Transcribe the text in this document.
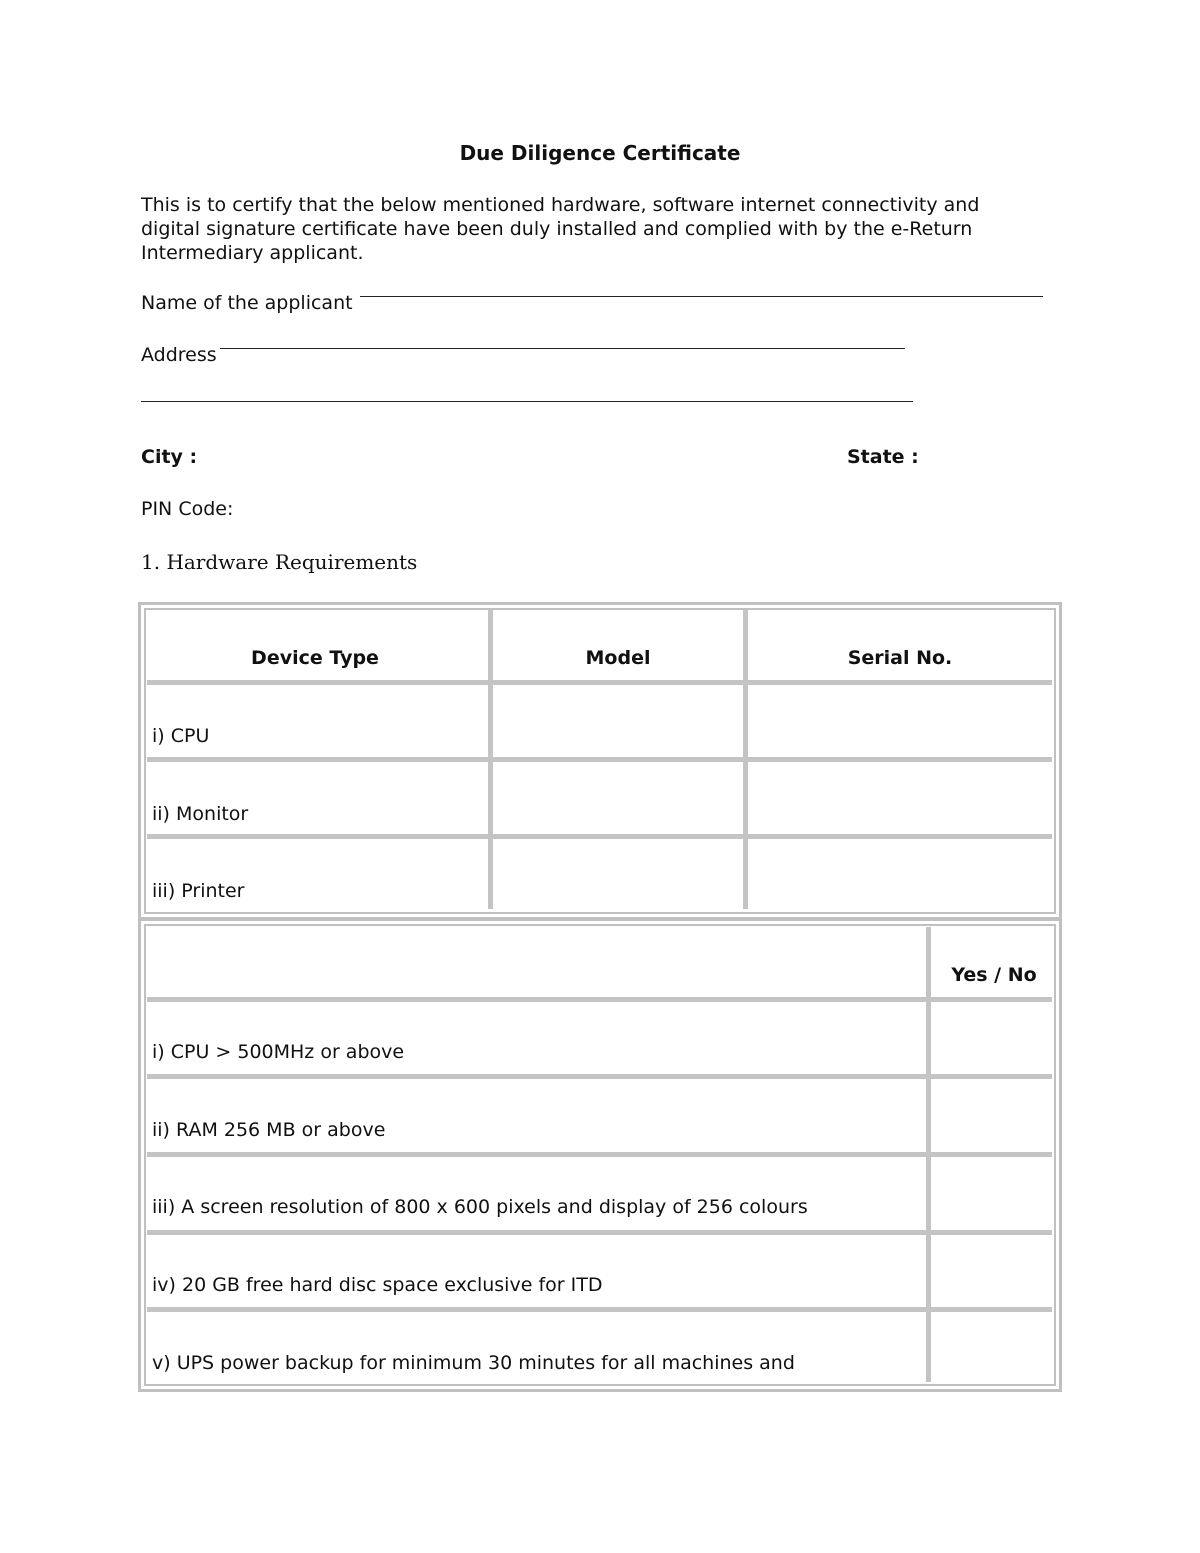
Due Diligence Certificate
This is to certify that the below mentioned hardware, software internet connectivity and digital signature certificate have been duly installed and complied with by the e-Return Intermediary applicant.
Name of the applicant
Address
City :	State :
PIN Code:
1. Hardware Requirements
Device Type	Model	Serial No.
i) CPU
ii) Monitor
iii) Printer
Yes / No
i) CPU > 500MHz or above
ii) RAM 256 MB or above
iii) A screen resolution of 800 x 600 pixels and display of 256 colours
iv) 20 GB free hard disc space exclusive for ITD
v) UPS power backup for minimum 30 minutes for all machines and
